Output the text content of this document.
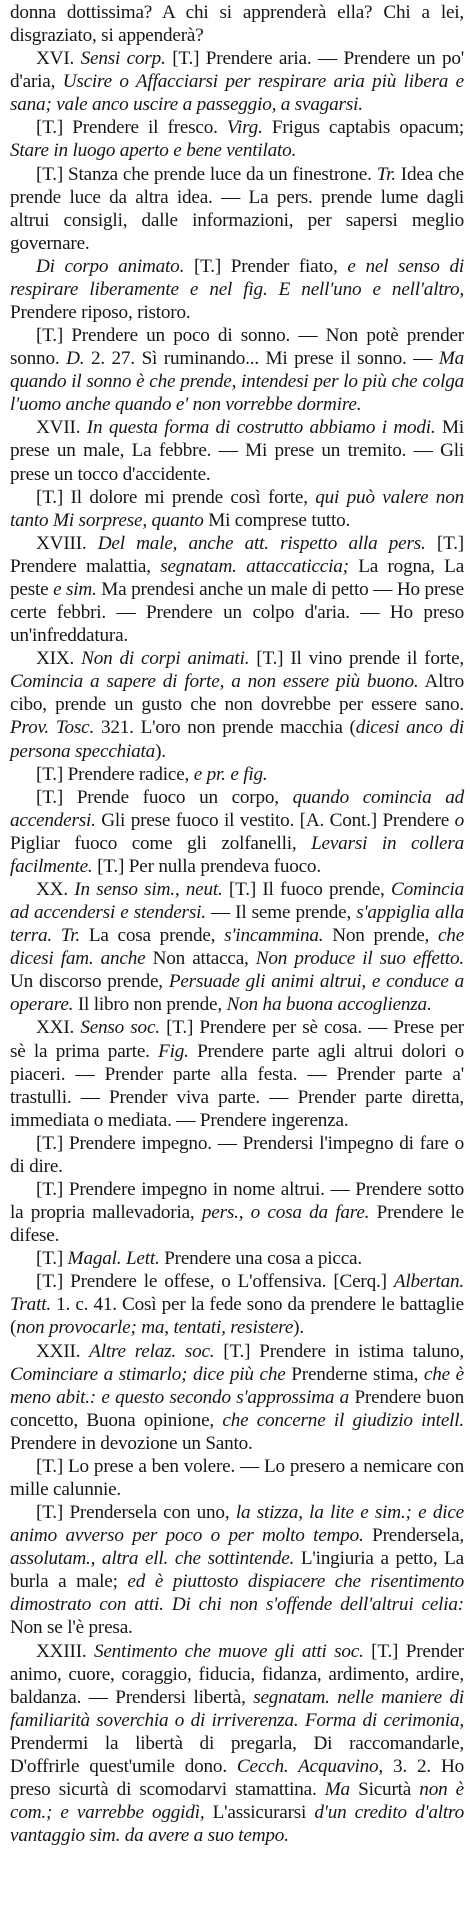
donna dottissima? A chi si apprenderà ella? Chi a lei, disgraziato, si appenderà?

XVI. Sensi corp. [T.] Prendere aria. — Prendere un po' d'aria, Uscire o Affacciarsi per respirare aria più libera e sana; vale anco uscire a passeggio, a svagarsi.

[T.] Prendere il fresco. Virg. Frigus captabis opacum; Stare in luogo aperto e bene ventilato.

[T.] Stanza che prende luce da un finestrone. Tr. Idea che prende luce da altra idea. — La pers. prende lume dagli altrui consigli, dalle informazioni, per sapersi meglio governare.

Di corpo animato. [T.] Prender fiato, e nel senso di respirare liberamente e nel fig. E nell'uno e nell'altro, Prendere riposo, ristoro.

[T.] Prendere un poco di sonno. — Non potè prender sonno. D. 2. 27. Sì ruminando... Mi prese il sonno. — Ma quando il sonno è che prende, intendesi per lo più che colga l'uomo anche quando e' non vorrebbe dormire.

XVII. In questa forma di costrutto abbiamo i modi. Mi prese un male, La febbre. — Mi prese un tremito. — Gli prese un tocco d'accidente.

[T.] Il dolore mi prende così forte, qui può valere non tanto Mi sorprese, quanto Mi comprese tutto.

XVIII. Del male, anche att. rispetto alla pers. [T.] Prendere malattia, segnatam. attaccaticcia; La rogna, La peste e sim. Ma prendesi anche un male di petto — Ho prese certe febbri. — Prendere un colpo d'aria. — Ho preso un'infreddatura.

XIX. Non di corpi animati. [T.] Il vino prende il forte, Comincia a sapere di forte, a non essere più buono. Altro cibo, prende un gusto che non dovrebbe per essere sano. Prov. Tosc. 321. L'oro non prende macchia (dicesi anco di persona specchiata).

[T.] Prendere radice, e pr. e fig.

[T.] Prende fuoco un corpo, quando comincia ad accendersi. Gli prese fuoco il vestito. [A. Cont.] Prendere o Pigliar fuoco come gli zolfanelli, Levarsi in collera facilmente. [T.] Per nulla prendeva fuoco.

XX. In senso sim., neut. [T.] Il fuoco prende, Comincia ad accendersi e stendersi. — Il seme prende, s'appiglia alla terra. Tr. La cosa prende, s'incammina. Non prende, che dicesi fam. anche Non attacca, Non produce il suo effetto. Un discorso prende, Persuade gli animi altrui, e conduce a operare. Il libro non prende, Non ha buona accoglienza.

XXI. Senso soc. [T.] Prendere per sè cosa. — Prese per sè la prima parte. Fig. Prendere parte agli altrui dolori o piaceri. — Prender parte alla festa. — Prender parte a' trastulli. — Prender viva parte. — Prender parte diretta, immediata o mediata. — Prendere ingerenza.

[T.] Prendere impegno. — Prendersi l'impegno di fare o di dire.

[T.] Prendere impegno in nome altrui. — Prendere sotto la propria mallevadoria, pers., o cosa da fare. Prendere le difese.

[T.] Magal. Lett. Prendere una cosa a picca.

[T.] Prendere le offese, o L'offensiva. [Cerq.] Albertan. Tratt. 1. c. 41. Così per la fede sono da prendere le battaglie (non provocarle; ma, tentati, resistere).

XXII. Altre relaz. soc. [T.] Prendere in istima taluno, Cominciare a stimarlo; dice più che Prenderne stima, che è meno abit.: e questo secondo s'approssima a Prendere buon concetto, Buona opinione, che concerne il giudizio intell. Prendere in devozione un Santo.

[T.] Lo prese a ben volere. — Lo presero a nemicare con mille calunnie.

[T.] Prendersela con uno, la stizza, la lite e sim.; e dice animo avverso per poco o per molto tempo. Prendersela, assolutam., altra ell. che sottintende. L'ingiuria a petto, La burla a male; ed è piuttosto dispiacere che risentimento dimostrato con atti. Di chi non s'offende dell'altrui celia: Non se l'è presa.

XXIII. Sentimento che muove gli atti soc. [T.] Prender animo, cuore, coraggio, fiducia, fidanza, ardimento, ardire, baldanza. — Prendersi libertà, segnatam. nelle maniere di familiarità soverchia o di irriverenza. Forma di cerimonia, Prendermi la libertà di pregarla, Di raccomandarle, D'offrirle quest'umile dono. Cecch. Acquavino, 3. 2. Ho preso sicurtà di scomodarvi stamattina. Ma Sicurtà non è com.; e varrebbe oggidì, L'assicurarsi d'un credito d'altro vantaggio sim. da avere a suo tempo.
